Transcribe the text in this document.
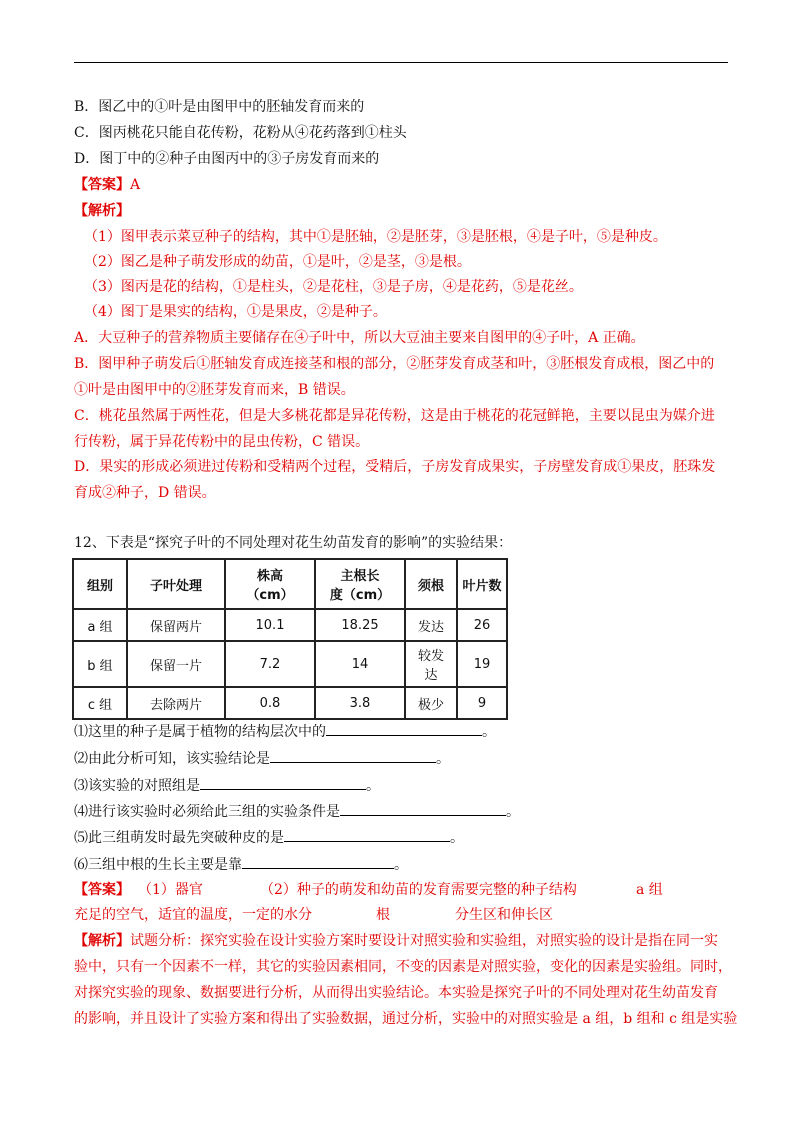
B．图乙中的①叶是由图甲中的胚轴发育而来的
C．图丙桃花只能自花传粉，花粉从④花药落到①柱头
D．图丁中的②种子由图丙中的③子房发育而来的
【答案】A
【解析】
（1）图甲表示菜豆种子的结构，其中①是胚轴，②是胚芽，③是胚根，④是子叶，⑤是种皮。
（2）图乙是种子萌发形成的幼苗，①是叶，②是茎，③是根。
（3）图丙是花的结构，①是柱头，②是花柱，③是子房，④是花药，⑤是花丝。
（4）图丁是果实的结构，①是果皮，②是种子。
A．大豆种子的营养物质主要储存在④子叶中，所以大豆油主要来自图甲的④子叶，A 正确。
B．图甲种子萌发后①胚轴发育成连接茎和根的部分，②胚芽发育成茎和叶，③胚根发育成根，图乙中的
①叶是由图甲中的②胚芽发育而来，B 错误。
C．桃花虽然属于两性花，但是大多桃花都是异花传粉，这是由于桃花的花冠鲜艳，主要以昆虫为媒介进
行传粉，属于异花传粉中的昆虫传粉，C 错误。
D．果实的形成必须进过传粉和受精两个过程，受精后，子房发育成果实，子房壁发育成①果皮，胚珠发
育成②种子，D 错误。
12、下表是“探究子叶的不同处理对花生幼苗发育的影响”的实验结果：
组别	子叶处理	株高
（cm）	主根长
度（cm）	须根	叶片数

a 组	保留两片	10.1	18.25	发达	26

b 组	保留一片	7.2	14	较发
达	19

c 组	去除两片	0.8	3.8	极少	9
⑴这里的种子是属于植物的结构层次中的	。
⑵由此分析可知，该实验结论是	。
⑶该实验的对照组是	。
⑷进行该实验时必须给此三组的实验条件是	。
⑸此三组萌发时最先突破种皮的是	。
⑹三组中根的生长主要是靠	。
【答案】 （1）器官	（2）种子的萌发和幼苗的发育需要完整的种子结构	a 组
充足的空气，适宜的温度，一定的水分	根	分生区和伸长区
【解析】试题分析：探究实验在设计实验方案时要设计对照实验和实验组，对照实验的设计是指在同一实
验中，只有一个因素不一样，其它的实验因素相同，不变的因素是对照实验，变化的因素是实验组。同时，
对探究实验的现象、数据要进行分析，从而得出实验结论。本实验是探究子叶的不同处理对花生幼苗发育
的影响，并且设计了实验方案和得出了实验数据，通过分析，实验中的对照实验是 a 组，b 组和 c 组是实验
